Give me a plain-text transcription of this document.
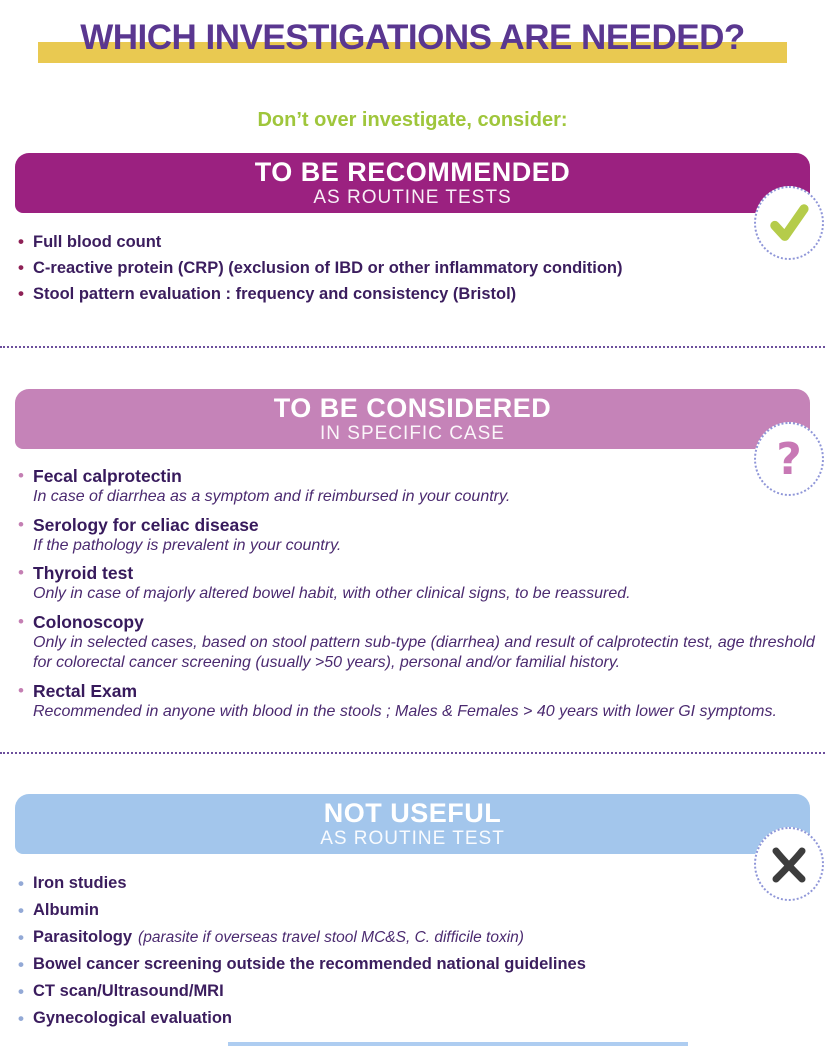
WHICH INVESTIGATIONS ARE NEEDED?
Don’t over investigate, consider:
TO BE RECOMMENDED
AS ROUTINE TESTS
• Full blood count
• C-reactive protein (CRP) (exclusion of IBD or other inflammatory condition)
• Stool pattern evaluation : frequency and consistency (Bristol)
TO BE CONSIDERED
IN SPECIFIC CASE	?
• Fecal calprotectin
In case of diarrhea as a symptom and if reimbursed in your country.
• Serology for celiac disease
If the pathology is prevalent in your country.
• Thyroid test
Only in case of majorly altered bowel habit, with other clinical signs, to be reassured.
• Colonoscopy
Only in selected cases, based on stool pattern sub-type (diarrhea) and result of calprotectin test, age threshold for colorectal cancer screening (usually >50 years), personal and/or familial history.
• Rectal Exam
Recommended in anyone with blood in the stools ; Males & Females > 40 years with lower GI symptoms.
NOT USEFUL
AS ROUTINE TEST
• Iron studies
• Albumin
• Parasitology (parasite if overseas travel stool MC&S, C. difficile toxin)
• Bowel cancer screening outside the recommended national guidelines
• CT scan/Ultrasound/MRI
• Gynecological evaluation
